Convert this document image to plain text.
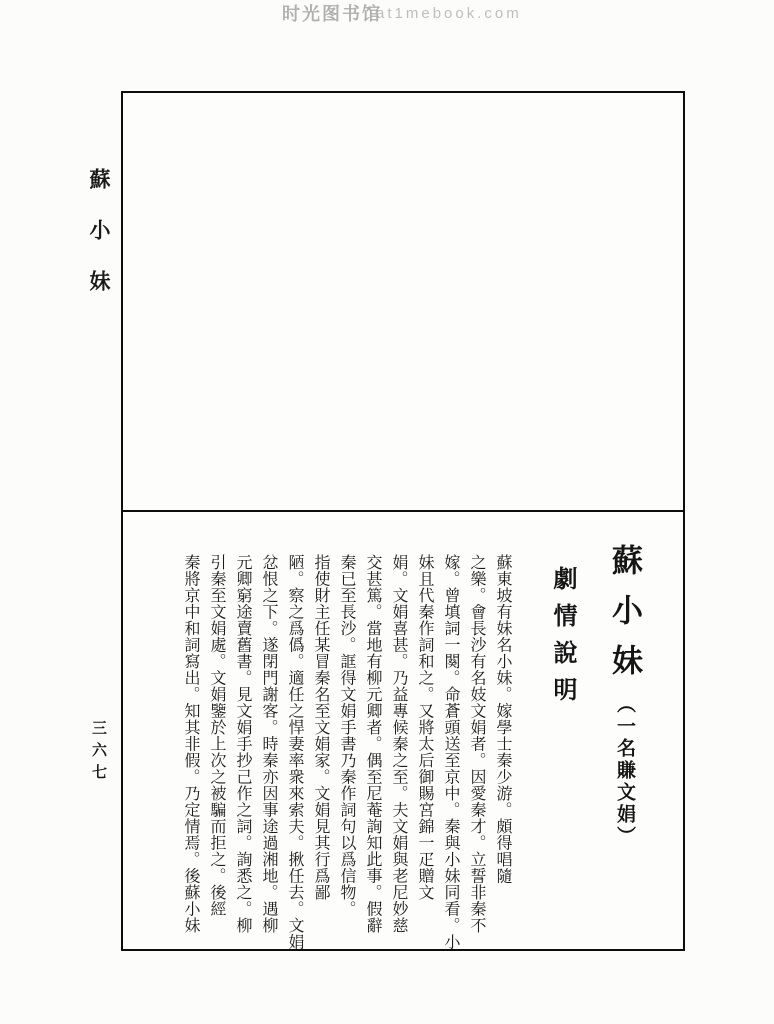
时光图书馆
at1mebook.com
蘇小妹
三六七
蘇小妹（一名賺文娟）
劇情說明
蘇東坡有妹名小妹。嫁學士秦少游。頗得唱隨
之樂。會長沙有名妓文娟者。因愛秦才。立誓非秦不
嫁。曾填詞一闋。命蒼頭送至京中。秦與小妹同看。小
妹且代秦作詞和之。又將太后御賜宮錦一疋贈文
娟。文娟喜甚。乃益專候秦之至。夫文娟與老尼妙慈
交甚篤。當地有柳元卿者。偶至尼菴詢知此事。假辭
秦已至長沙。誆得文娟手書乃秦作詞句以爲信物。
指使財主任某冒秦名至文娟家。文娟見其行爲鄙
陋。察之爲僞。適任之悍妻率衆來索夫。揪任去。文娟
忿恨之下。遂閉門謝客。時秦亦因事途過湘地。遇柳
元卿窮途賣舊書。見文娟手抄己作之詞。詢悉之。柳
引秦至文娟處。文娟鑒於上次之被騙而拒之。後經
秦將京中和詞寫出。知其非假。乃定情焉。後蘇小妹
